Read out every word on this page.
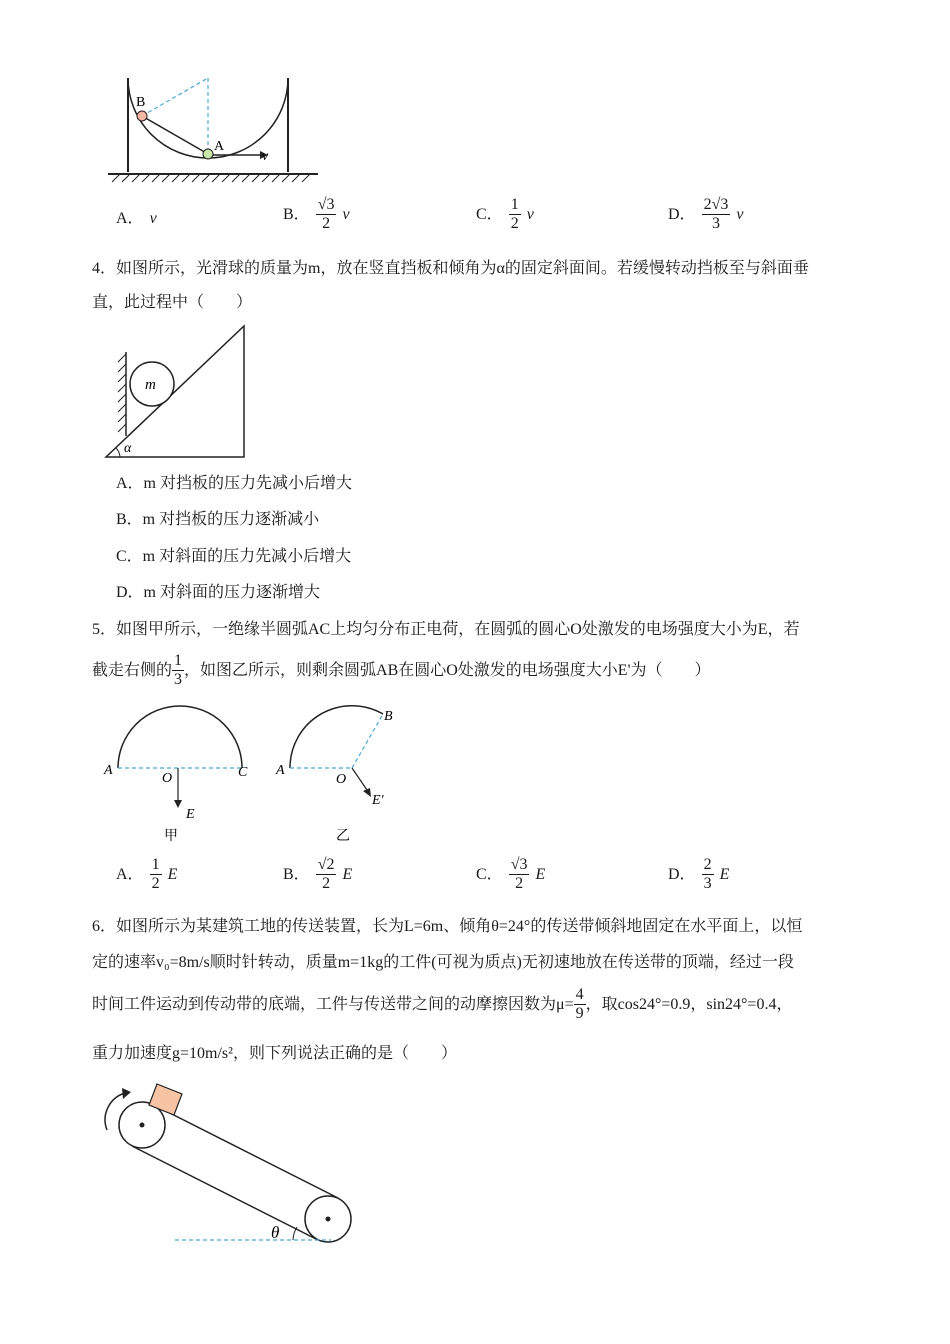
B
A
v
A． v	B． $\frac{√3}{2}$ v	C． $\frac{1}{2}$ v	D． $\frac{2√3}{3}$ v
4．如图所示，光滑球的质量为m，放在竖直挡板和倾角为α的固定斜面间。若缓慢转动挡板至与斜面垂
直，此过程中（　　）
m
α
A．m 对挡板的压力先减小后增大
B．m 对挡板的压力逐渐减小
C．m 对斜面的压力先减小后增大
D．m 对斜面的压力逐渐增大
5．如图甲所示，一绝缘半圆弧AC上均匀分布正电荷，在圆弧的圆心O处激发的电场强度大小为E，若
截走右侧的 $\frac{1}{3}$ ，如图乙所示，则剩余圆弧AB在圆心O处激发的电场强度大小E'为（　　）
A
O	C
E
甲
A
O
B
E′
乙
A． $\frac{1}{2}$ E	B． $\frac{√2}{2}$ E	C． $\frac{√3}{2}$ E	D． $\frac{2}{3}$ E
6．如图所示为某建筑工地的传送装置，长为L=6m、倾角θ=24°的传送带倾斜地固定在水平面上，以恒
定的速率v₀=8m/s顺时针转动，质量m=1kg的工件(可视为质点)无初速地放在传送带的顶端，经过一段
时间工件运动到传动带的底端，工件与传送带之间的动摩擦因数为$\mu= \frac{4}{9}$ ，取cos24°=0.9，sin24°=0.4，
重力加速度g=10m/s²，则下列说法正确的是（　　）
θ
